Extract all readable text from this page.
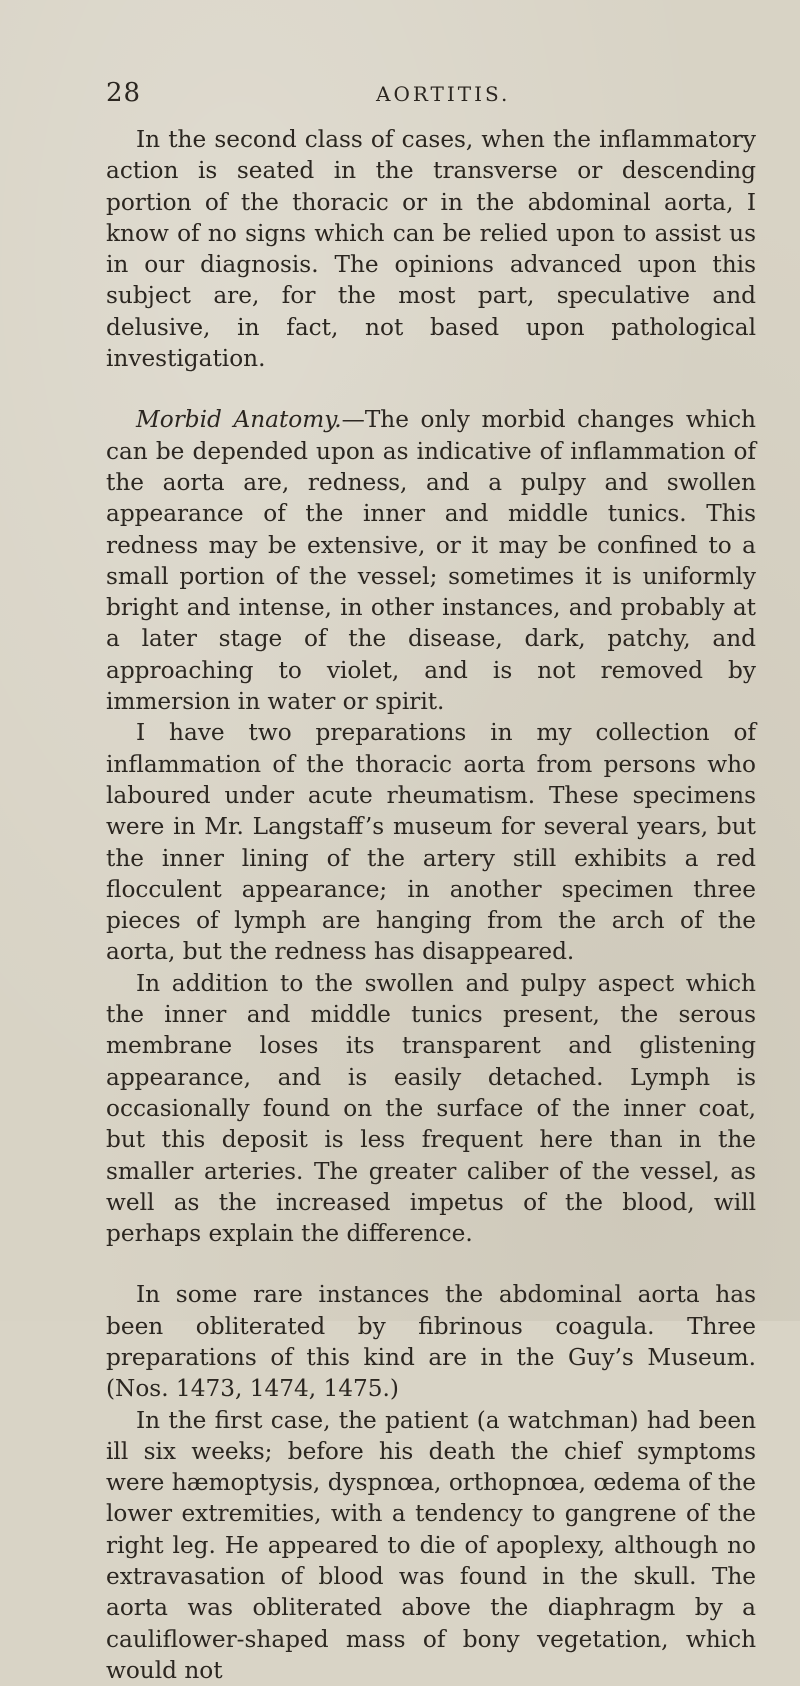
28	AORTITIS.

In the second class of cases, when the inflammatory action is seated in the transverse or descending portion of the thoracic or in the abdominal aorta, I know of no signs which can be relied upon to assist us in our diagnosis. The opinions advanced upon this subject are, for the most part, speculative and delusive, in fact, not based upon pathological investigation.

Morbid Anatomy.—The only morbid changes which can be depended upon as indicative of inflammation of the aorta are, redness, and a pulpy and swollen appearance of the inner and middle tunics. This redness may be extensive, or it may be confined to a small portion of the vessel; sometimes it is uniformly bright and intense, in other instances, and probably at a later stage of the disease, dark, patchy, and approaching to violet, and is not removed by immersion in water or spirit.

I have two preparations in my collection of inflammation of the thoracic aorta from persons who laboured under acute rheumatism. These specimens were in Mr. Langstaff’s museum for several years, but the inner lining of the artery still exhibits a red flocculent appearance; in another specimen three pieces of lymph are hanging from the arch of the aorta, but the redness has disappeared.

In addition to the swollen and pulpy aspect which the inner and middle tunics present, the serous membrane loses its transparent and glistening appearance, and is easily detached. Lymph is occasionally found on the surface of the inner coat, but this deposit is less frequent here than in the smaller arteries. The greater caliber of the vessel, as well as the increased impetus of the blood, will perhaps explain the difference.

In some rare instances the abdominal aorta has been obliterated by fibrinous coagula. Three preparations of this kind are in the Guy’s Museum. (Nos. 1473, 1474, 1475.)

In the first case, the patient (a watchman) had been ill six weeks; before his death the chief symptoms were hæmoptysis, dyspnœa, orthopnœa, œdema of the lower extremities, with a tendency to gangrene of the right leg. He appeared to die of apoplexy, although no extravasation of blood was found in the skull. The aorta was obliterated above the diaphragm by a cauliflower-shaped mass of bony vegetation, which would not
